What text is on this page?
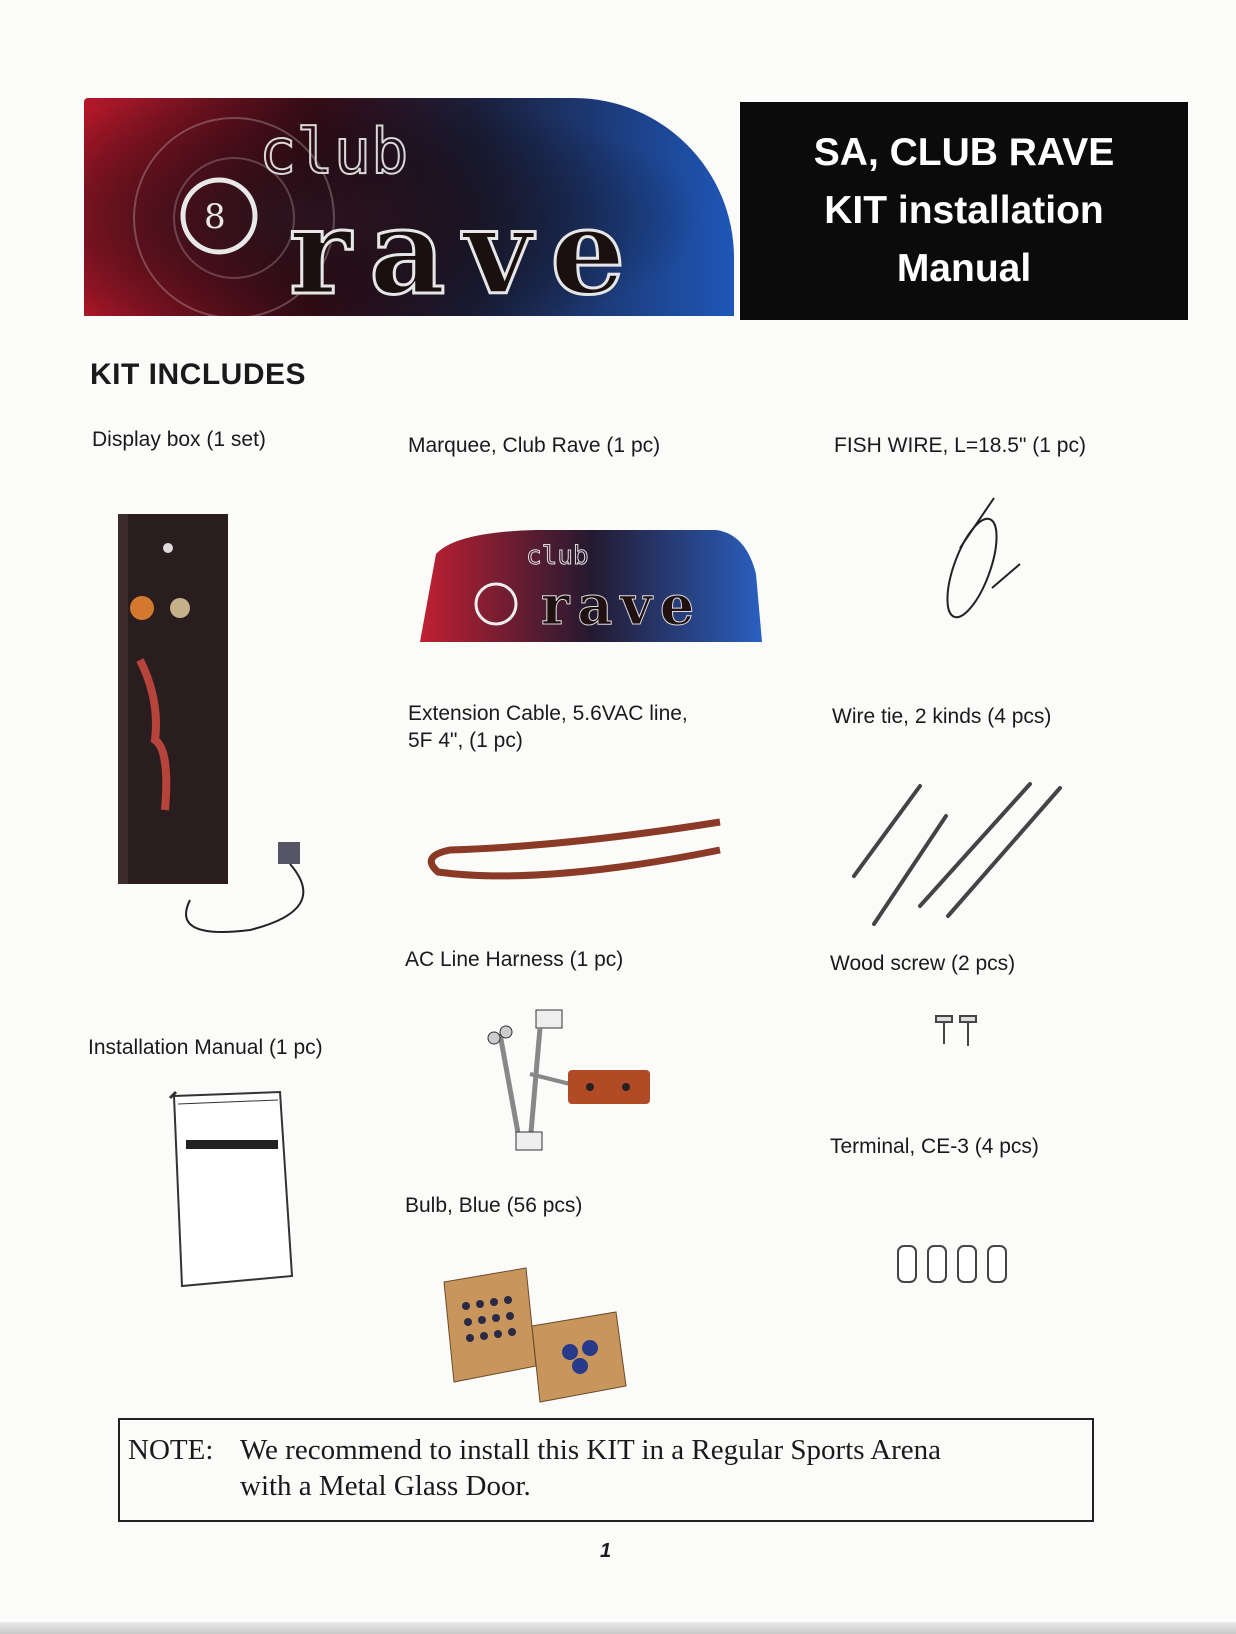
8
club
rave
SA, CLUB RAVE
KIT installation
Manual
KIT INCLUDES
Display box (1 set)
Installation Manual (1 pc)
Marquee, Club Rave (1 pc)
club
rave
Extension Cable, 5.6VAC line,
5F 4", (1 pc)
AC Line Harness (1 pc)
Bulb, Blue (56 pcs)
FISH WIRE, L=18.5" (1 pc)
Wire tie, 2 kinds (4 pcs)
Wood screw (2 pcs)
Terminal, CE-3 (4 pcs)
NOTE: We recommend to install this KIT in a Regular Sports Arena
with a Metal Glass Door.
1
